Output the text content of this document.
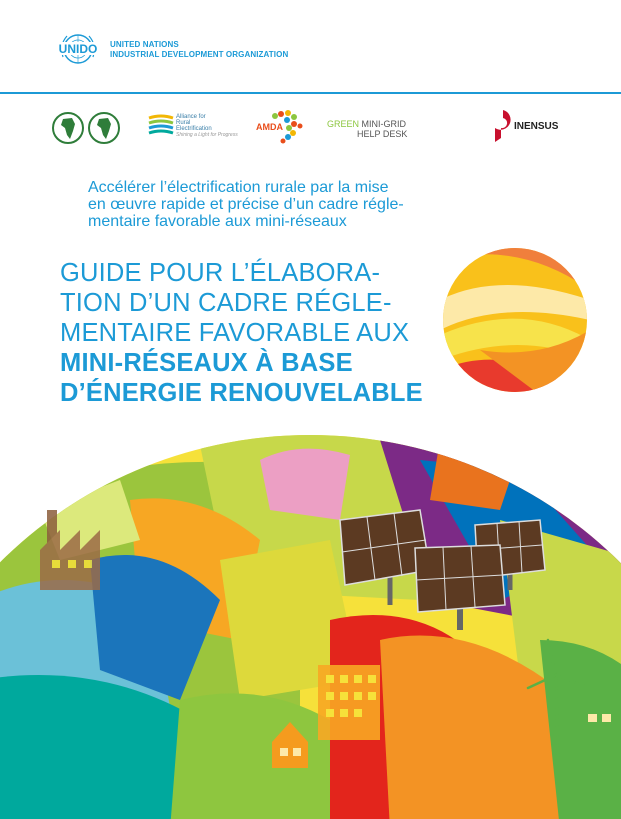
UNIDO UNITED NATIONS
INDUSTRIAL DEVELOPMENT ORGANIZATION
Alliance for
Rural
Electrification
Shining a Light for Progress
AMDA	GREEN MINI-GRID
HELP DESK
INENSUS
Accélérer l’électrification rurale par la mise
en œuvre rapide et précise d’un cadre régle-
mentaire favorable aux mini-réseaux
GUIDE POUR L’ÉLABORA-
TION D’UN CADRE RÉGLE-
MENTAIRE FAVORABLE AUX
MINI-RÉSEAUX À BASE
D’ÉNERGIE RENOUVELABLE
